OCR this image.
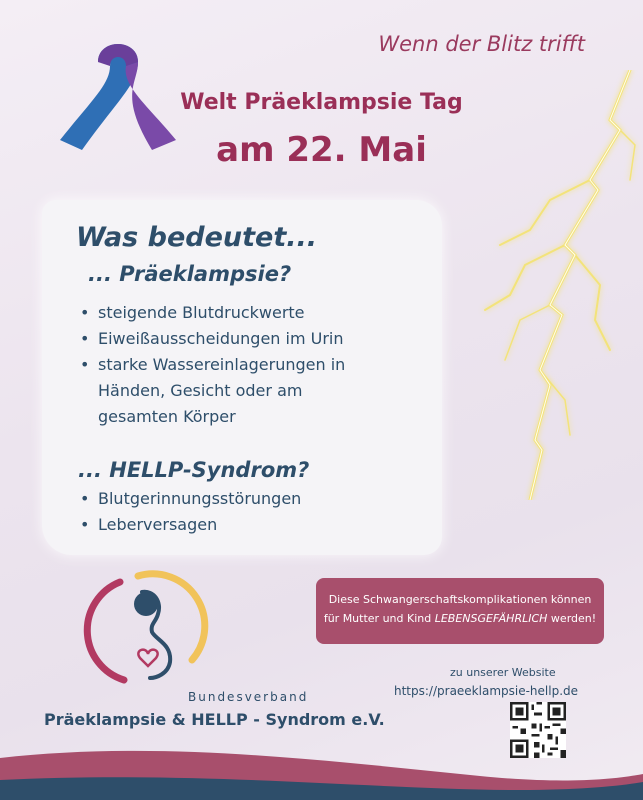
Wenn der Blitz trifft
Welt Präeklampsie Tag
am 22. Mai
Was bedeutet...
... Präeklampsie?
• steigende Blutdruckwerte
• Eiweißausscheidungen im Urin
• starke Wassereinlagerungen in
Händen, Gesicht oder am
gesamten Körper
... HELLP-Syndrom?
• Blutgerinnungsstörungen
• Leberversagen
Bundesverband
Präeklampsie & HELLP - Syndrom e.V.
Diese Schwangerschaftskomplikationen können
für Mutter und Kind LEBENSGEFÄHRLICH werden!
zu unserer Website
https://praeeklampsie-hellp.de
